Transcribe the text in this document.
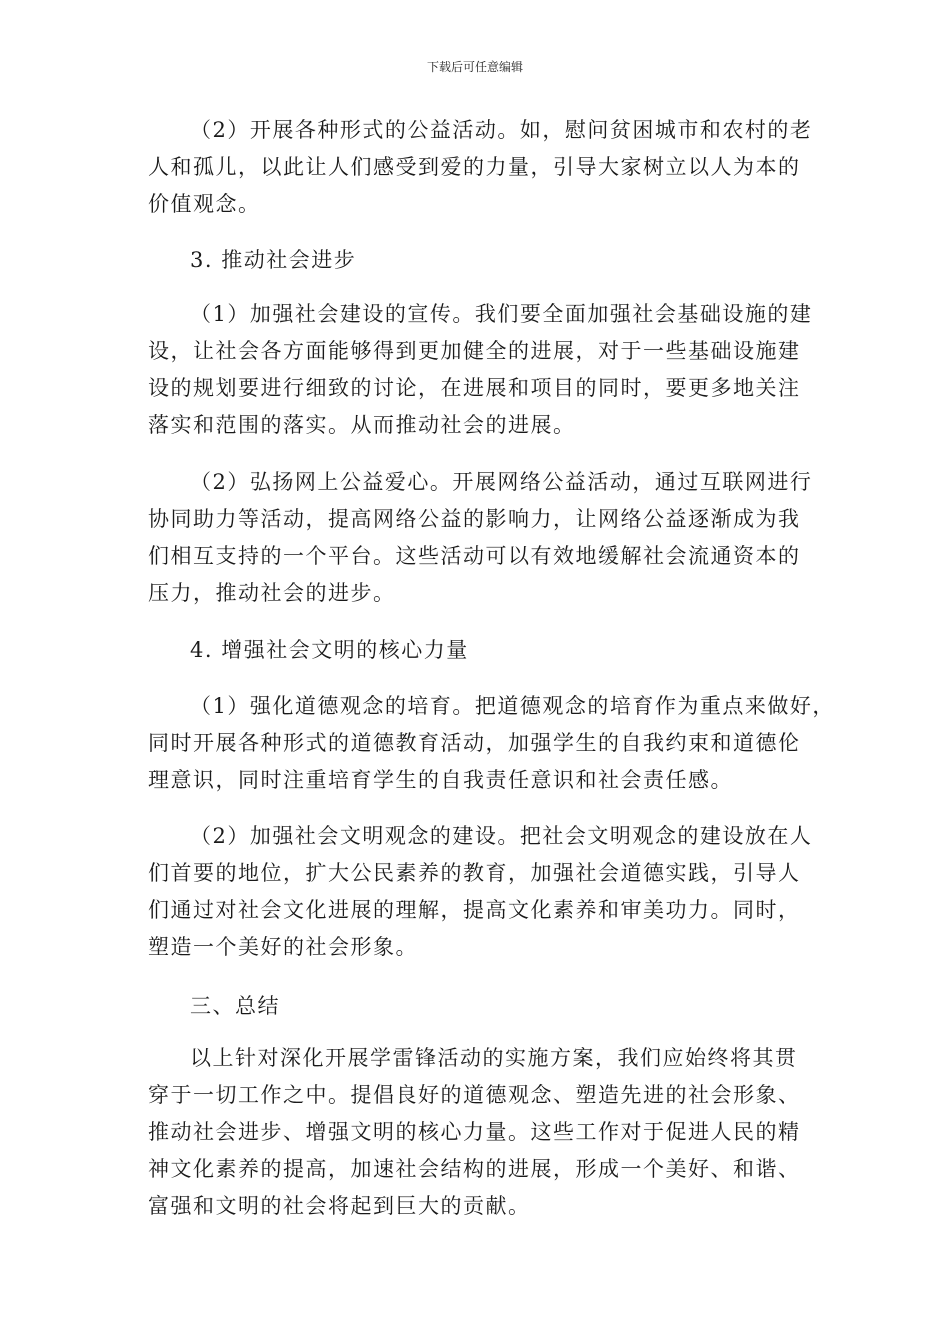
下载后可任意编辑
（2）开展各种形式的公益活动。如，慰问贫困城市和农村的老
人和孤儿，以此让人们感受到爱的力量，引导大家树立以人为本的
价值观念。
3. 推动社会进步
（1）加强社会建设的宣传。我们要全面加强社会基础设施的建
设，让社会各方面能够得到更加健全的进展，对于一些基础设施建
设的规划要进行细致的讨论，在进展和项目的同时，要更多地关注
落实和范围的落实。从而推动社会的进展。
（2）弘扬网上公益爱心。开展网络公益活动，通过互联网进行
协同助力等活动，提高网络公益的影响力，让网络公益逐渐成为我
们相互支持的一个平台。这些活动可以有效地缓解社会流通资本的
压力，推动社会的进步。
4. 增强社会文明的核心力量
（1）强化道德观念的培育。把道德观念的培育作为重点来做好，
同时开展各种形式的道德教育活动，加强学生的自我约束和道德伦
理意识，同时注重培育学生的自我责任意识和社会责任感。
（2）加强社会文明观念的建设。把社会文明观念的建设放在人
们首要的地位，扩大公民素养的教育，加强社会道德实践，引导人
们通过对社会文化进展的理解，提高文化素养和审美功力。同时，
塑造一个美好的社会形象。
三、总结
以上针对深化开展学雷锋活动的实施方案，我们应始终将其贯
穿于一切工作之中。提倡良好的道德观念、塑造先进的社会形象、
推动社会进步、增强文明的核心力量。这些工作对于促进人民的精
神文化素养的提高，加速社会结构的进展，形成一个美好、和谐、
富强和文明的社会将起到巨大的贡献。
